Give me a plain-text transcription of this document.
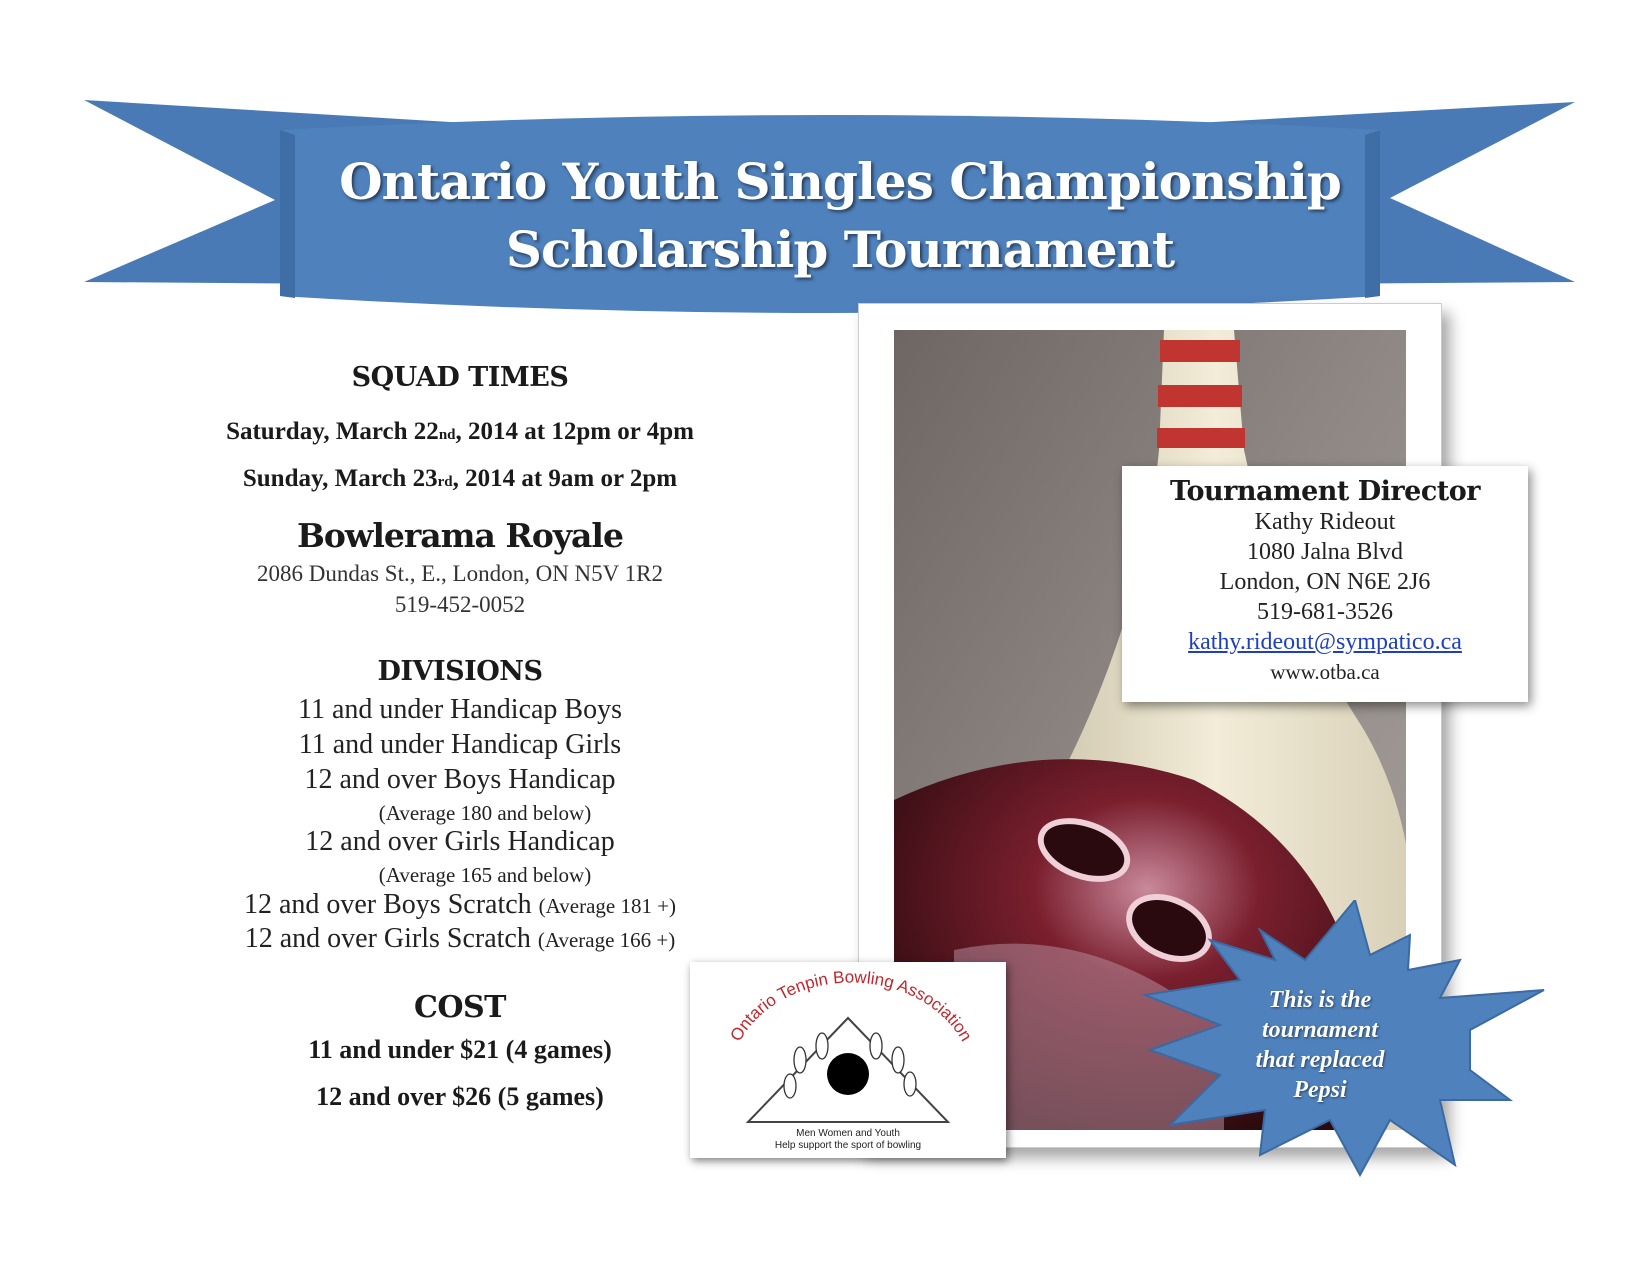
Ontario Youth Singles Championship
Scholarship Tournament
SQUAD TIMES
Saturday, March 22nd, 2014 at 12pm or 4pm
Sunday, March 23rd, 2014 at 9am or 2pm
Bowlerama Royale
2086 Dundas St., E., London, ON N5V 1R2
519-452-0052
DIVISIONS
11 and under Handicap Boys
11 and under Handicap Girls
12 and over Boys Handicap
(Average 180 and below)
12 and over Girls Handicap
(Average 165 and below)
12 and over Boys Scratch (Average 181 +)
12 and over Girls Scratch (Average 166 +)
COST
11 and under $21 (4 games)
12 and over $26 (5 games)
Tournament Director
Kathy Rideout
1080 Jalna Blvd
London, ON N6E 2J6
519-681-3526
kathy.rideout@sympatico.ca
www.otba.ca
Ontario Tenpin Bowling Association
Men Women and Youth
Help support the sport of bowling
This is the
tournament
that replaced
Pepsi
